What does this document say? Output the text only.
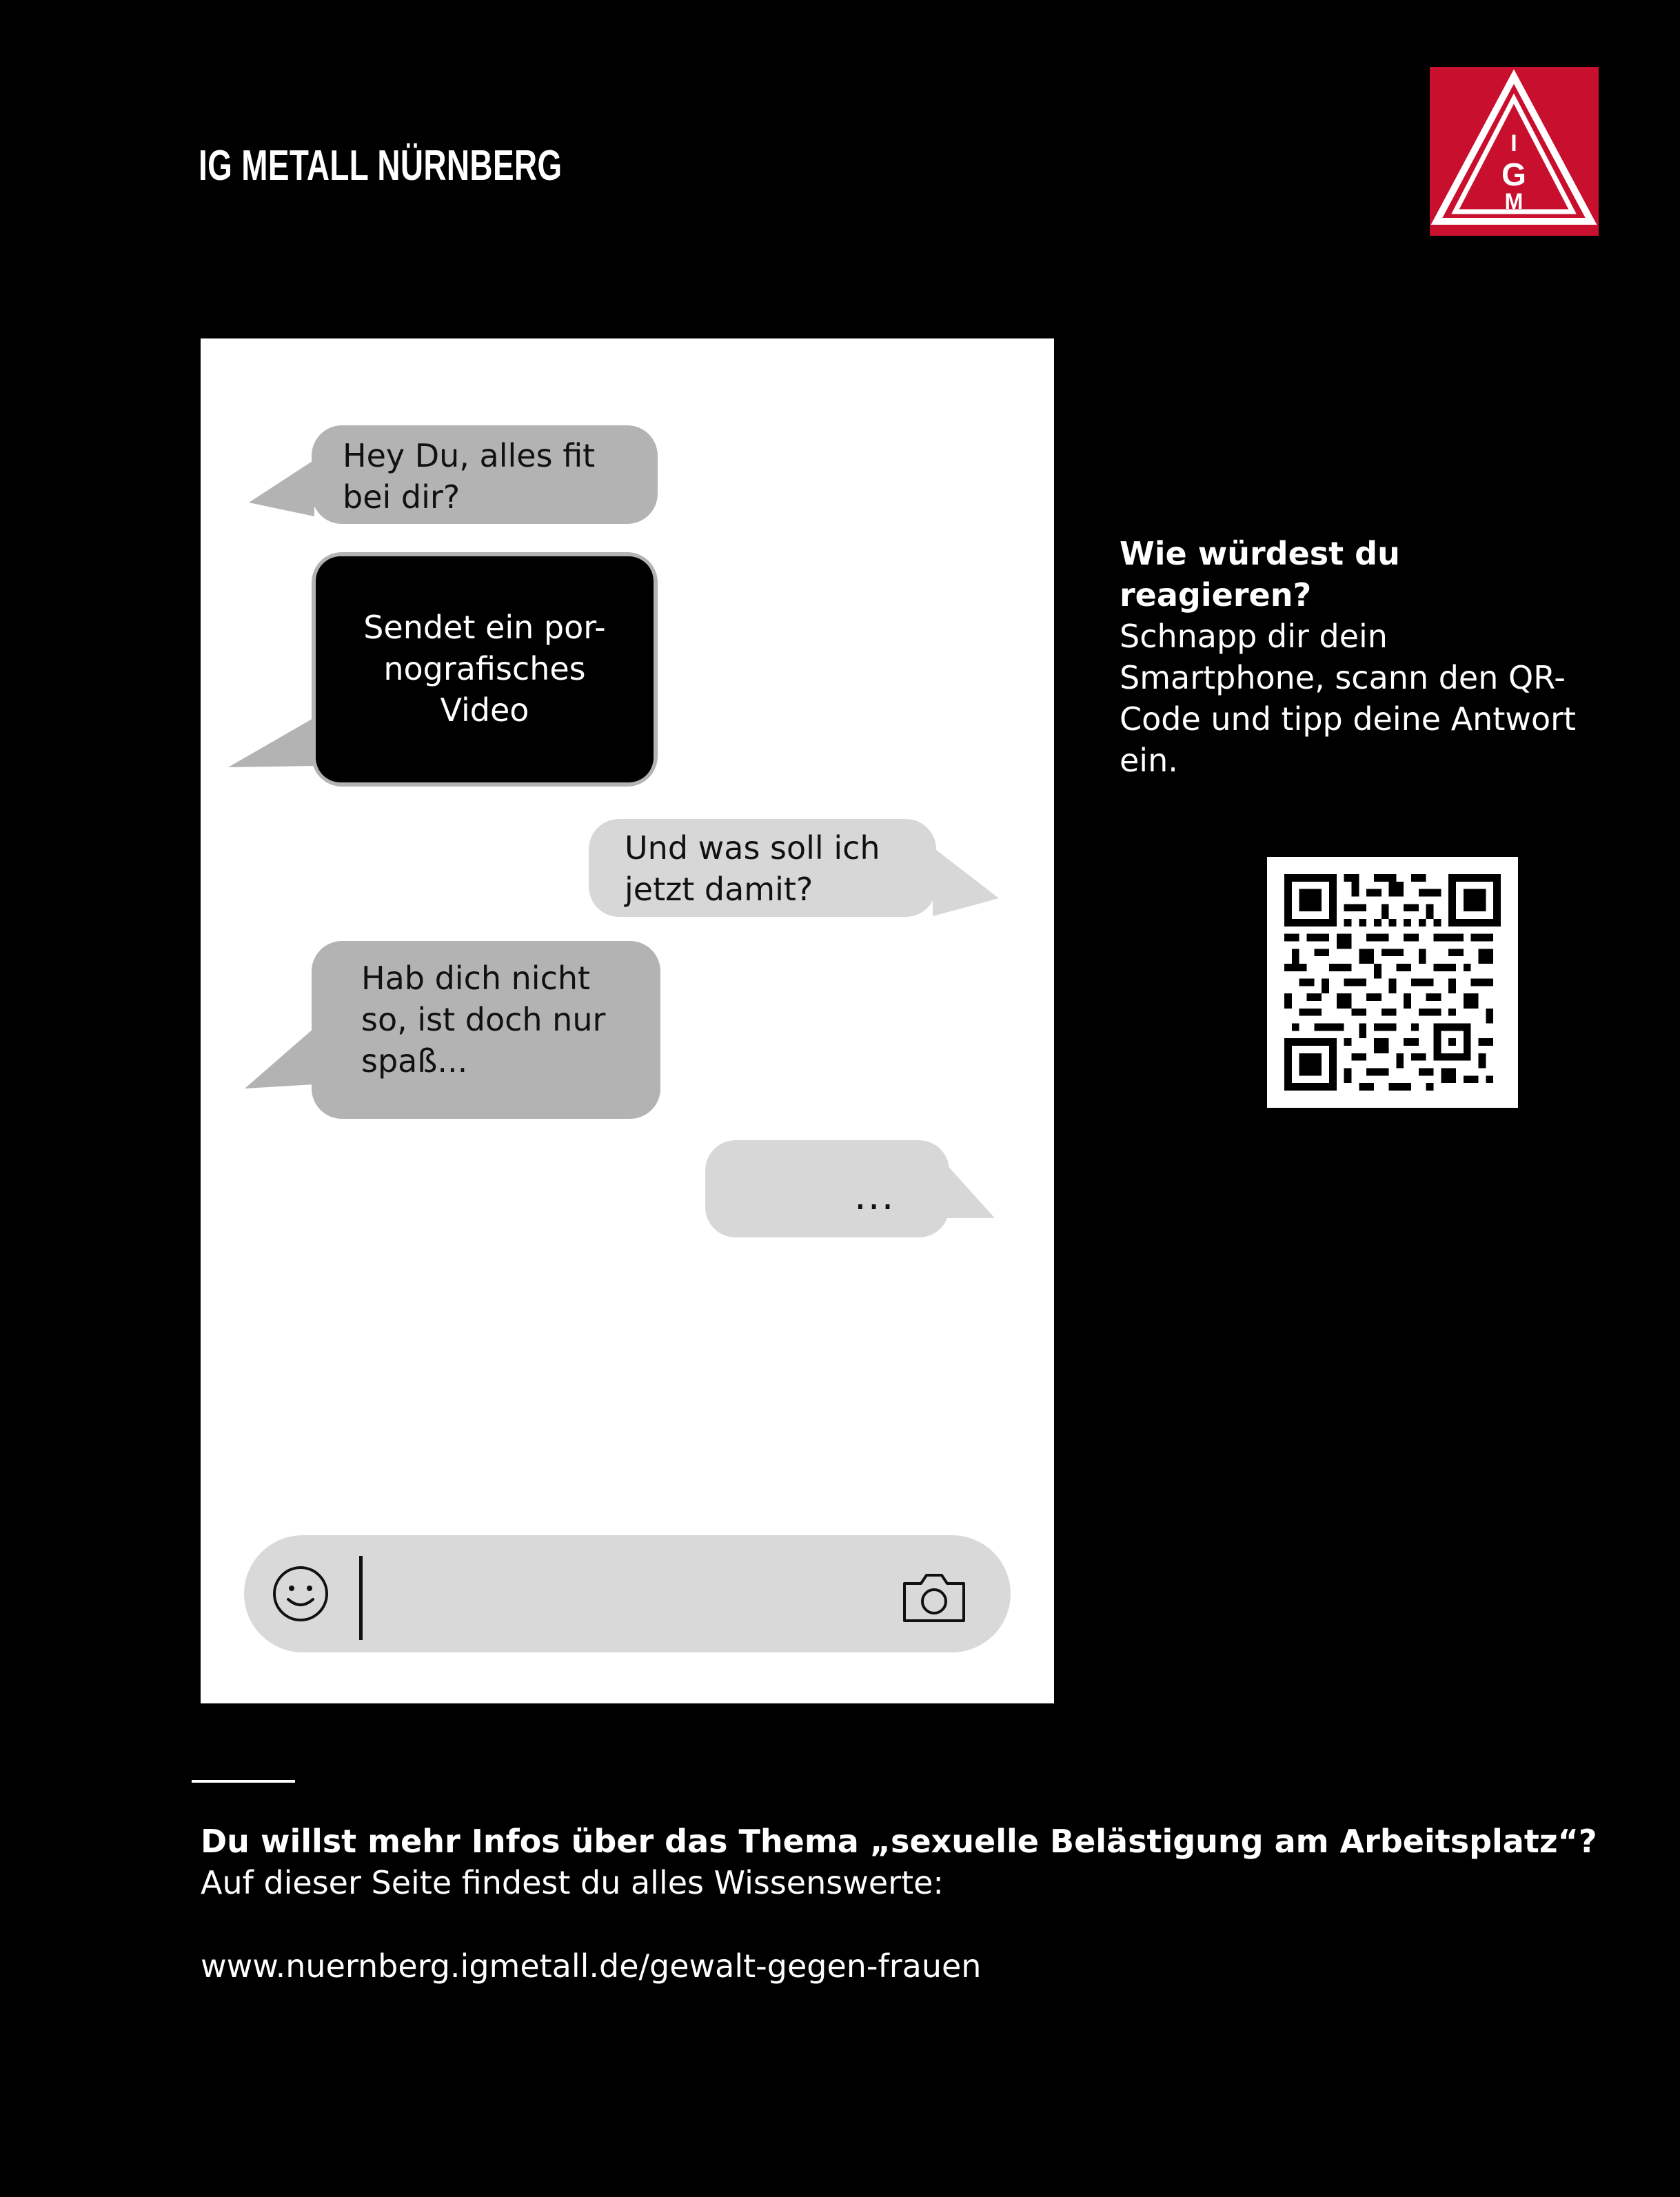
IG METALL NÜRNBERG	I
G
M
Hey Du, alles fit
bei dir?
Sendet ein por-
nografisches
Video
Und was soll ich
jetzt damit?
Hab dich nicht
so, ist doch nur
spaß...
...
Wie würdest du reagieren?
Schnapp dir dein Smartphone, scann den QR-Code und tipp deine Antwort ein.
Du willst mehr Infos über das Thema „sexuelle Belästigung am Arbeitsplatz“?
Auf dieser Seite findest du alles Wissenswerte:
www.nuernberg.igmetall.de/gewalt-gegen-frauen
